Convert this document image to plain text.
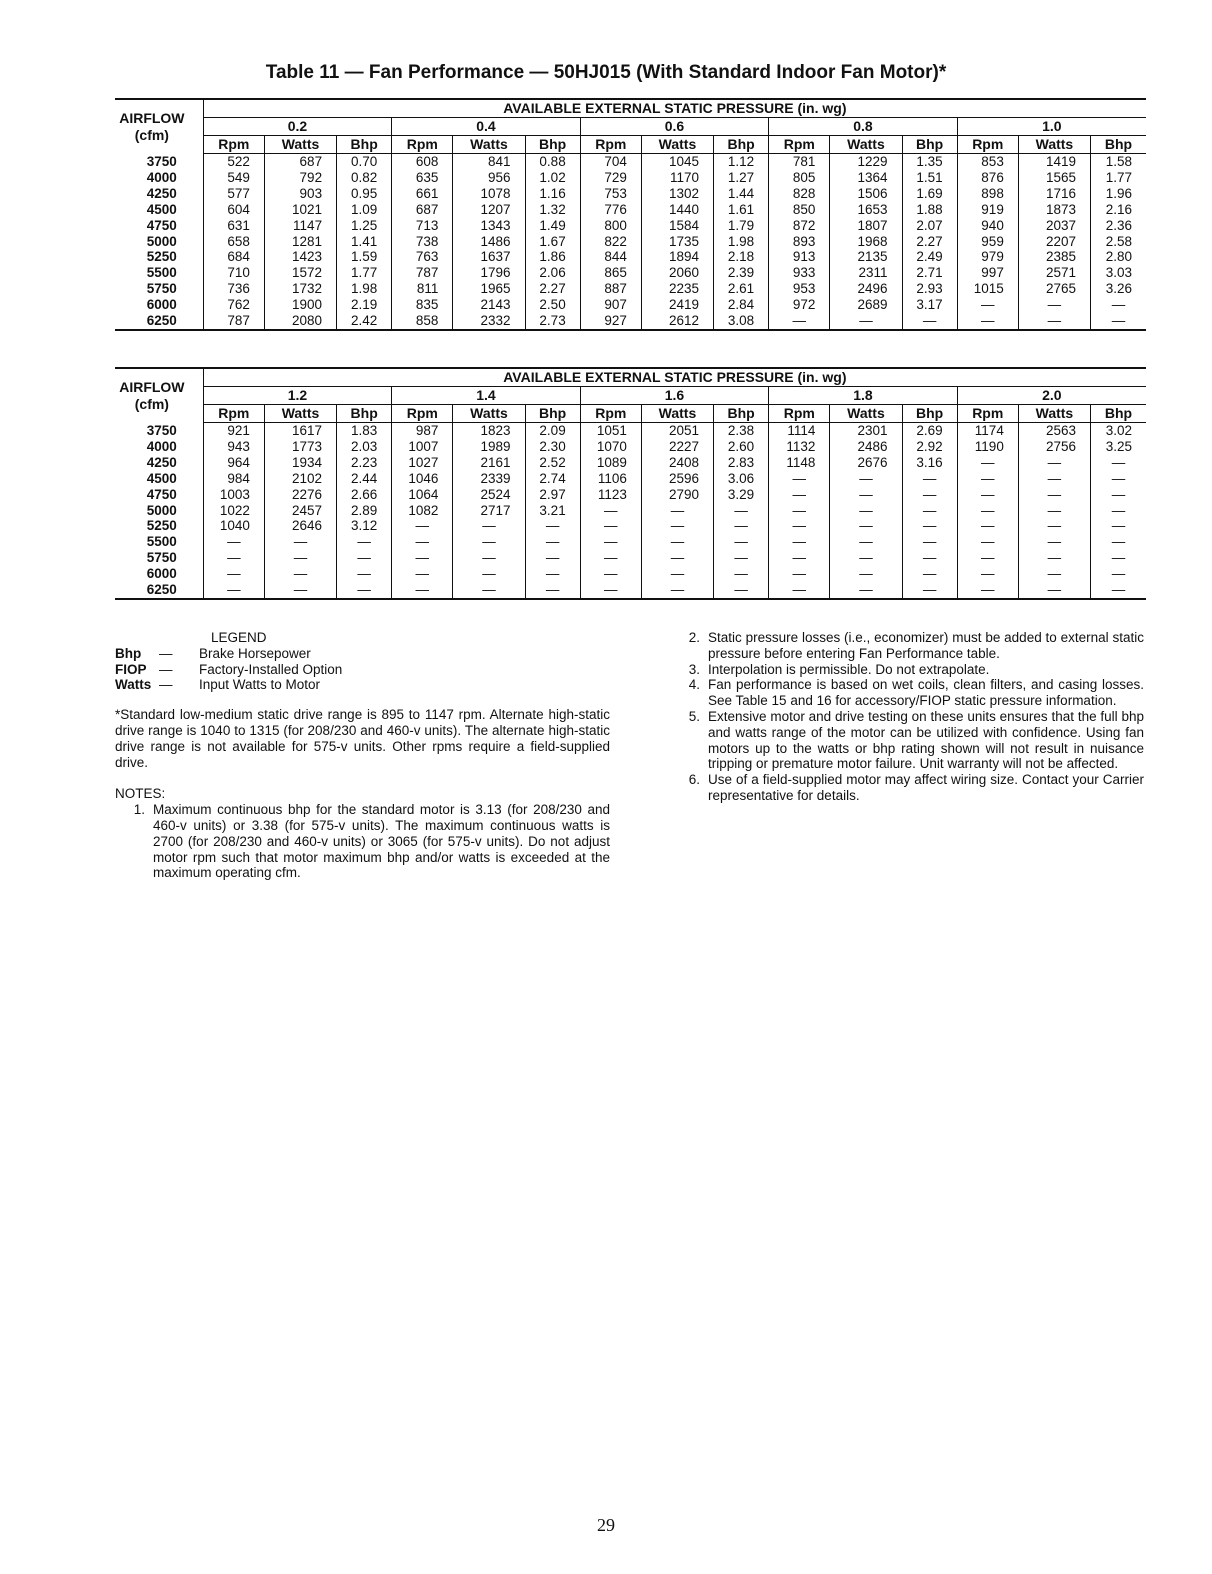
Table 11 — Fan Performance — 50HJ015 (With Standard Indoor Fan Motor)*
AIRFLOW
(cfm)	AVAILABLE EXTERNAL STATIC PRESSURE (in. wg)														
	0.2			0.4			0.6			0.8			1.0		
	Rpm	Watts	Bhp	Rpm	Watts	Bhp	Rpm	Watts	Bhp	Rpm	Watts	Bhp	Rpm	Watts	Bhp
3750	522	687	0.70	608	841	0.88	704	1045	1.12	781	1229	1.35	853	1419	1.58
4000	549	792	0.82	635	956	1.02	729	1170	1.27	805	1364	1.51	876	1565	1.77
4250	577	903	0.95	661	1078	1.16	753	1302	1.44	828	1506	1.69	898	1716	1.96
4500	604	1021	1.09	687	1207	1.32	776	1440	1.61	850	1653	1.88	919	1873	2.16
4750	631	1147	1.25	713	1343	1.49	800	1584	1.79	872	1807	2.07	940	2037	2.36
5000	658	1281	1.41	738	1486	1.67	822	1735	1.98	893	1968	2.27	959	2207	2.58
5250	684	1423	1.59	763	1637	1.86	844	1894	2.18	913	2135	2.49	979	2385	2.80
5500	710	1572	1.77	787	1796	2.06	865	2060	2.39	933	2311	2.71	997	2571	3.03
5750	736	1732	1.98	811	1965	2.27	887	2235	2.61	953	2496	2.93	1015	2765	3.26
6000	762	1900	2.19	835	2143	2.50	907	2419	2.84	972	2689	3.17	—	—	—
6250	787	2080	2.42	858	2332	2.73	927	2612	3.08	—	—	—	—	—	—
AIRFLOW
(cfm)	AVAILABLE EXTERNAL STATIC PRESSURE (in. wg)														
	1.2			1.4			1.6			1.8			2.0		
	Rpm	Watts	Bhp	Rpm	Watts	Bhp	Rpm	Watts	Bhp	Rpm	Watts	Bhp	Rpm	Watts	Bhp
3750	921	1617	1.83	987	1823	2.09	1051	2051	2.38	1114	2301	2.69	1174	2563	3.02
4000	943	1773	2.03	1007	1989	2.30	1070	2227	2.60	1132	2486	2.92	1190	2756	3.25
4250	964	1934	2.23	1027	2161	2.52	1089	2408	2.83	1148	2676	3.16	—	—	—
4500	984	2102	2.44	1046	2339	2.74	1106	2596	3.06	—	—	—	—	—	—
4750	1003	2276	2.66	1064	2524	2.97	1123	2790	3.29	—	—	—	—	—	—
5000	1022	2457	2.89	1082	2717	3.21	—	—	—	—	—	—	—	—	—
5250	1040	2646	3.12	—	—	—	—	—	—	—	—	—	—	—	—
5500	—	—	—	—	—	—	—	—	—	—	—	—	—	—	—
5750	—	—	—	—	—	—	—	—	—	—	—	—	—	—	—
6000	—	—	—	—	—	—	—	—	—	—	—	—	—	—	—
6250	—	—	—	—	—	—	—	—	—	—	—	—	—	—	—
LEGEND
Bhp	—	Brake Horsepower
FIOP —	Factory-Installed Option
Watts —	Input Watts to Motor
*Standard low-medium static drive range is 895 to 1147 rpm. Alternate high-static drive range is 1040 to 1315 (for 208/230 and 460-v units). The alternate high-static drive range is not available for 575-v units. Other rpms require a field-supplied drive.
NOTES:
1. Maximum continuous bhp for the standard motor is 3.13 (for 208/230 and 460-v units) or 3.38 (for 575-v units). The maximum continuous watts is 2700 (for 208/230 and 460-v units) or 3065 (for 575-v units). Do not adjust motor rpm such that motor maximum bhp and/or watts is exceeded at the maximum operating cfm.
2. Static pressure losses (i.e., economizer) must be added to external static pressure before entering Fan Performance table.
3. Interpolation is permissible. Do not extrapolate.
4. Fan performance is based on wet coils, clean filters, and casing losses. See Table 15 and 16 for accessory/FIOP static pressure information.
5. Extensive motor and drive testing on these units ensures that the full bhp and watts range of the motor can be utilized with confidence. Using fan motors up to the watts or bhp rating shown will not result in nuisance tripping or premature motor failure. Unit warranty will not be affected.
6. Use of a field-supplied motor may affect wiring size. Contact your Carrier representative for details.
29
